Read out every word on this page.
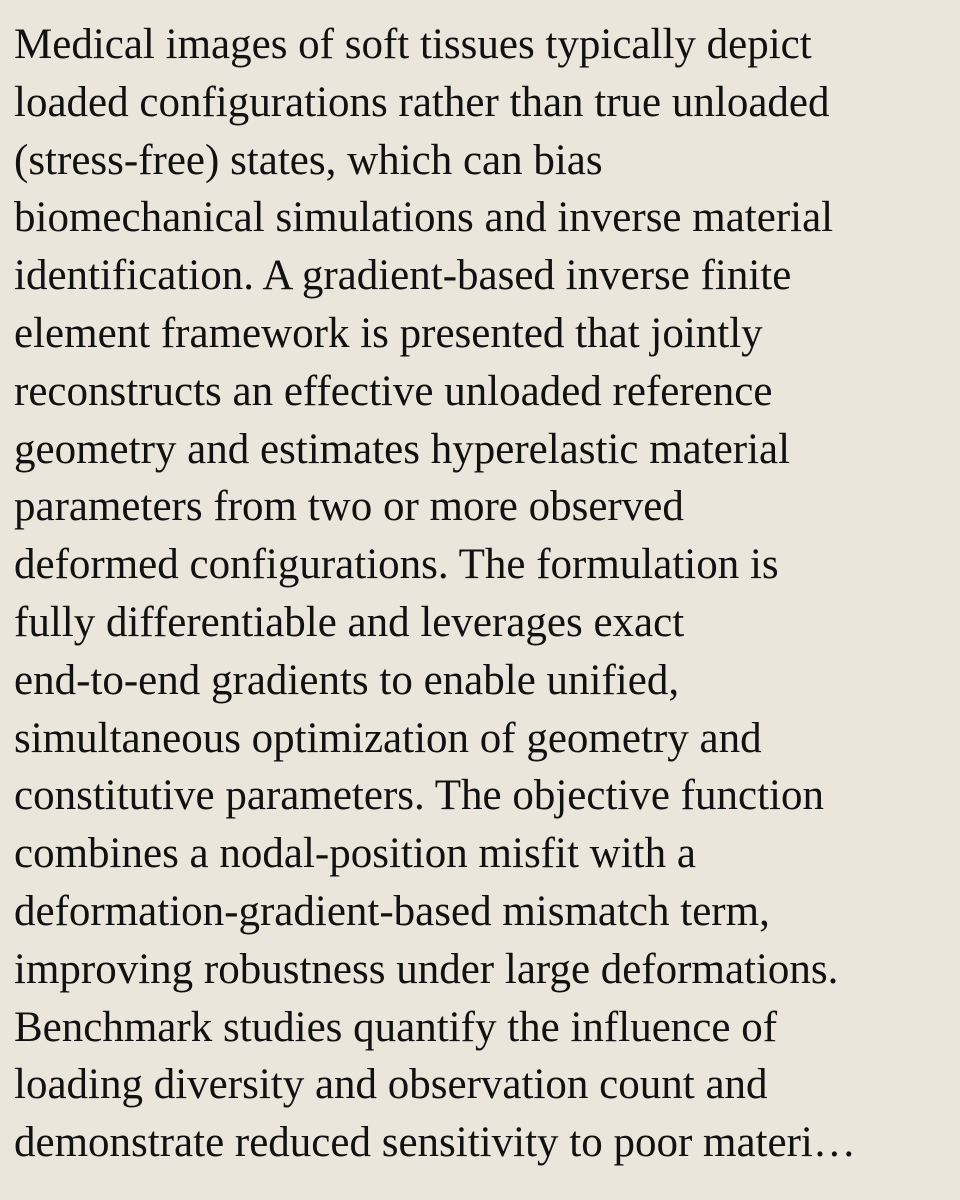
Medical images of soft tissues typically depict
loaded configurations rather than true unloaded
(stress-free) states, which can bias
biomechanical simulations and inverse material
identification. A gradient-based inverse finite
element framework is presented that jointly
reconstructs an effective unloaded reference
geometry and estimates hyperelastic material
parameters from two or more observed
deformed configurations. The formulation is
fully differentiable and leverages exact
end-to-end gradients to enable unified,
simultaneous optimization of geometry and
constitutive parameters. The objective function
combines a nodal-position misfit with a
deformation-gradient-based mismatch term,
improving robustness under large deformations.
Benchmark studies quantify the influence of
loading diversity and observation count and
demonstrate reduced sensitivity to poor materi…
